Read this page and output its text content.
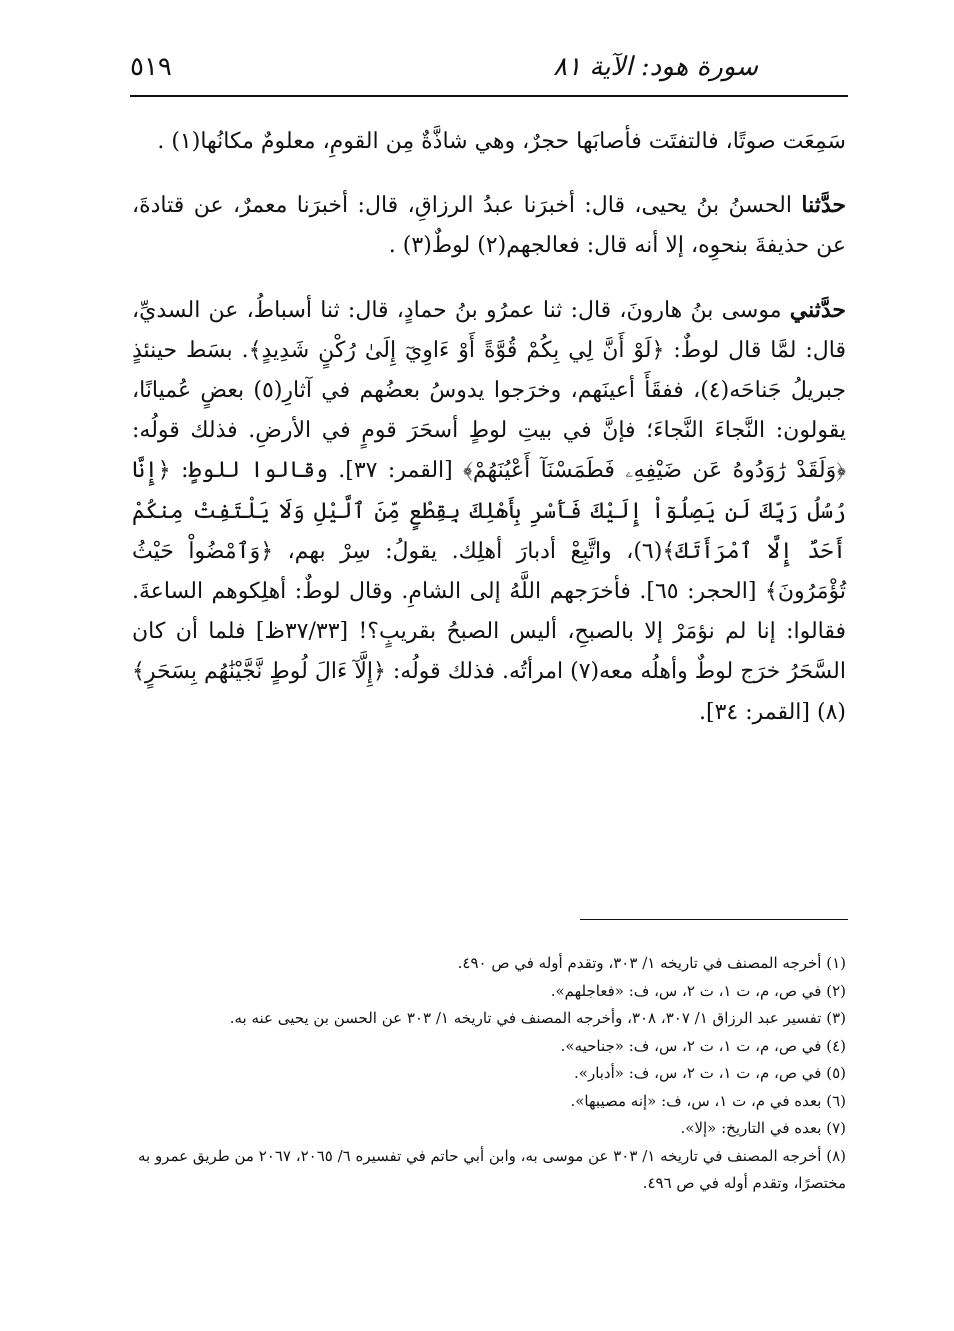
٥١٩	سورة هود: الآية ٨١

سَمِعَت صوتًا، فالتفتَت فأصابَها حجرٌ، وهي شاذَّةٌ مِن القومِ، معلومٌ مكانُها(١) .

حدَّثنا الحسنُ بنُ يحيى، قال: أخبرَنا عبدُ الرزاقِ، قال: أخبرَنا معمرٌ، عن قتادةَ، عن حذيفةَ بنحوِه، إلا أنه قال: فعالجهم(٢) لوطٌ(٣) .

حدَّثني موسى بنُ هارونَ، قال: ثنا عمرُو بنُ حمادٍ، قال: ثنا أسباطُ، عن السديِّ، قال: لمَّا قال لوطٌ: ﴿لَوْ أَنَّ لِي بِكُمْ قُوَّةً أَوْ ءَاوِيٓ إِلَىٰ رُكْنٍ شَدِيدٍ﴾. بسَط حينئذٍ جبريلُ جَناحَه(٤)، ففقَأَ أعينَهم، وخرَجوا يدوسُ بعضُهم في آثارِ(٥) بعضٍ عُميانًا، يقولون: النَّجاءَ النَّجاءَ؛ فإنَّ في بيتِ لوطٍ أسحَرَ قومٍ في الأرضِ. فذلك قولُه: ﴿وَلَقَدْ رَٰوَدُوهُ عَن ضَيْفِهِۦ فَطَمَسْنَآ أَعْيُنَهُمْ﴾ [القمر: ٣٧]. وقالوا للوطٍ: ﴿إِنَّا رُسُلُ رَبِّكَ لَن يَصِلُوٓاْ إِلَيْكَ فَأَسْرِ بِأَهْلِكَ بِقِطْعٍ مِّنَ ٱلَّيْلِ وَلَا يَلْتَفِتْ مِنكُمْ أَحَدٌ إِلَّا ٱمْرَأَتَكَ﴾(٦)، واتَّبِعْ أدبارَ أهلِك. يقولُ: سِرْ بهم، ﴿وَٱمْضُواْ حَيْثُ تُؤْمَرُونَ﴾ [الحجر: ٦٥]. فأخرَجهم اللَّهُ إلى الشامِ. وقال لوطٌ: أهلِكوهم الساعةَ. فقالوا: إنا لم نؤمَرْ إلا بالصبحِ، أليس الصبحُ بقريبٍ؟! [٣٧/٣٣ظ] فلما أن كان السَّحَرُ خرَج لوطٌ وأهلُه معه(٧) امرأتُه. فذلك قولُه: ﴿إِلَّآ ءَالَ لُوطٍ نَّجَّيْنَٰهُم بِسَحَرٍ﴾(٨) [القمر: ٣٤].

(١) أخرجه المصنف في تاريخه ١/ ٣٠٣، وتقدم أوله في ص ٤٩٠.

(٢) في ص، م، ت ١، ت ٢، س، ف: «فعاجلهم».

(٣) تفسير عبد الرزاق ١/ ٣٠٧، ٣٠٨، وأخرجه المصنف في تاريخه ١/ ٣٠٣ عن الحسن بن يحيى عنه به.

(٤) في ص، م، ت ١، ت ٢، س، ف: «جناحيه».

(٥) في ص، م، ت ١، ت ٢، س، ف: «أدبار».

(٦) بعده في م، ت ١، س، ف: «إنه مصيبها».

(٧) بعده في التاريخ: «إلا».

(٨) أخرجه المصنف في تاريخه ١/ ٣٠٣ عن موسى به، وابن أبي حاتم في تفسيره ٦/ ٢٠٦٥، ٢٠٦٧ من طريق عمرو به مختصرًا، وتقدم أوله في ص ٤٩٦.
